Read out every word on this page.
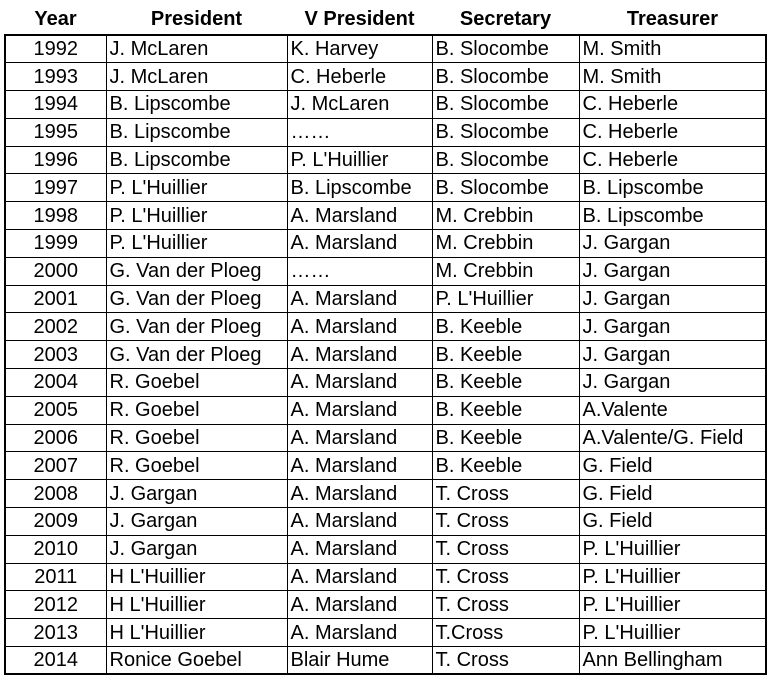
Year	President	V President	Secretary	Treasurer
1992	J. McLaren	K. Harvey	B. Slocombe	M. Smith
1993	J. McLaren	C. Heberle	B. Slocombe	M. Smith
1994	B. Lipscombe	J. McLaren	B. Slocombe	C. Heberle
1995	B. Lipscombe	……	B. Slocombe	C. Heberle
1996	B. Lipscombe	P. L'Huillier	B. Slocombe	C. Heberle
1997	P. L'Huillier	B. Lipscombe	B. Slocombe	B. Lipscombe
1998	P. L'Huillier	A. Marsland	M. Crebbin	B. Lipscombe
1999	P. L'Huillier	A. Marsland	M. Crebbin	J. Gargan
2000	G. Van der Ploeg	……	M. Crebbin	J. Gargan
2001	G. Van der Ploeg	A. Marsland	P. L'Huillier	J. Gargan
2002	G. Van der Ploeg	A. Marsland	B. Keeble	J. Gargan
2003	G. Van der Ploeg	A. Marsland	B. Keeble	J. Gargan
2004	R. Goebel	A. Marsland	B. Keeble	J. Gargan
2005	R. Goebel	A. Marsland	B. Keeble	A.Valente
2006	R. Goebel	A. Marsland	B. Keeble	A.Valente/G. Field
2007	R. Goebel	A. Marsland	B. Keeble	G. Field
2008	J. Gargan	A. Marsland	T. Cross	G. Field
2009	J. Gargan	A. Marsland	T. Cross	G. Field
2010	J. Gargan	A. Marsland	T. Cross	P. L'Huillier
2011	H L'Huillier	A. Marsland	T. Cross	P. L'Huillier
2012	H L'Huillier	A. Marsland	T. Cross	P. L'Huillier
2013	H L'Huillier	A. Marsland	T.Cross	P. L'Huillier
2014	Ronice Goebel	Blair Hume	T. Cross	Ann Bellingham
